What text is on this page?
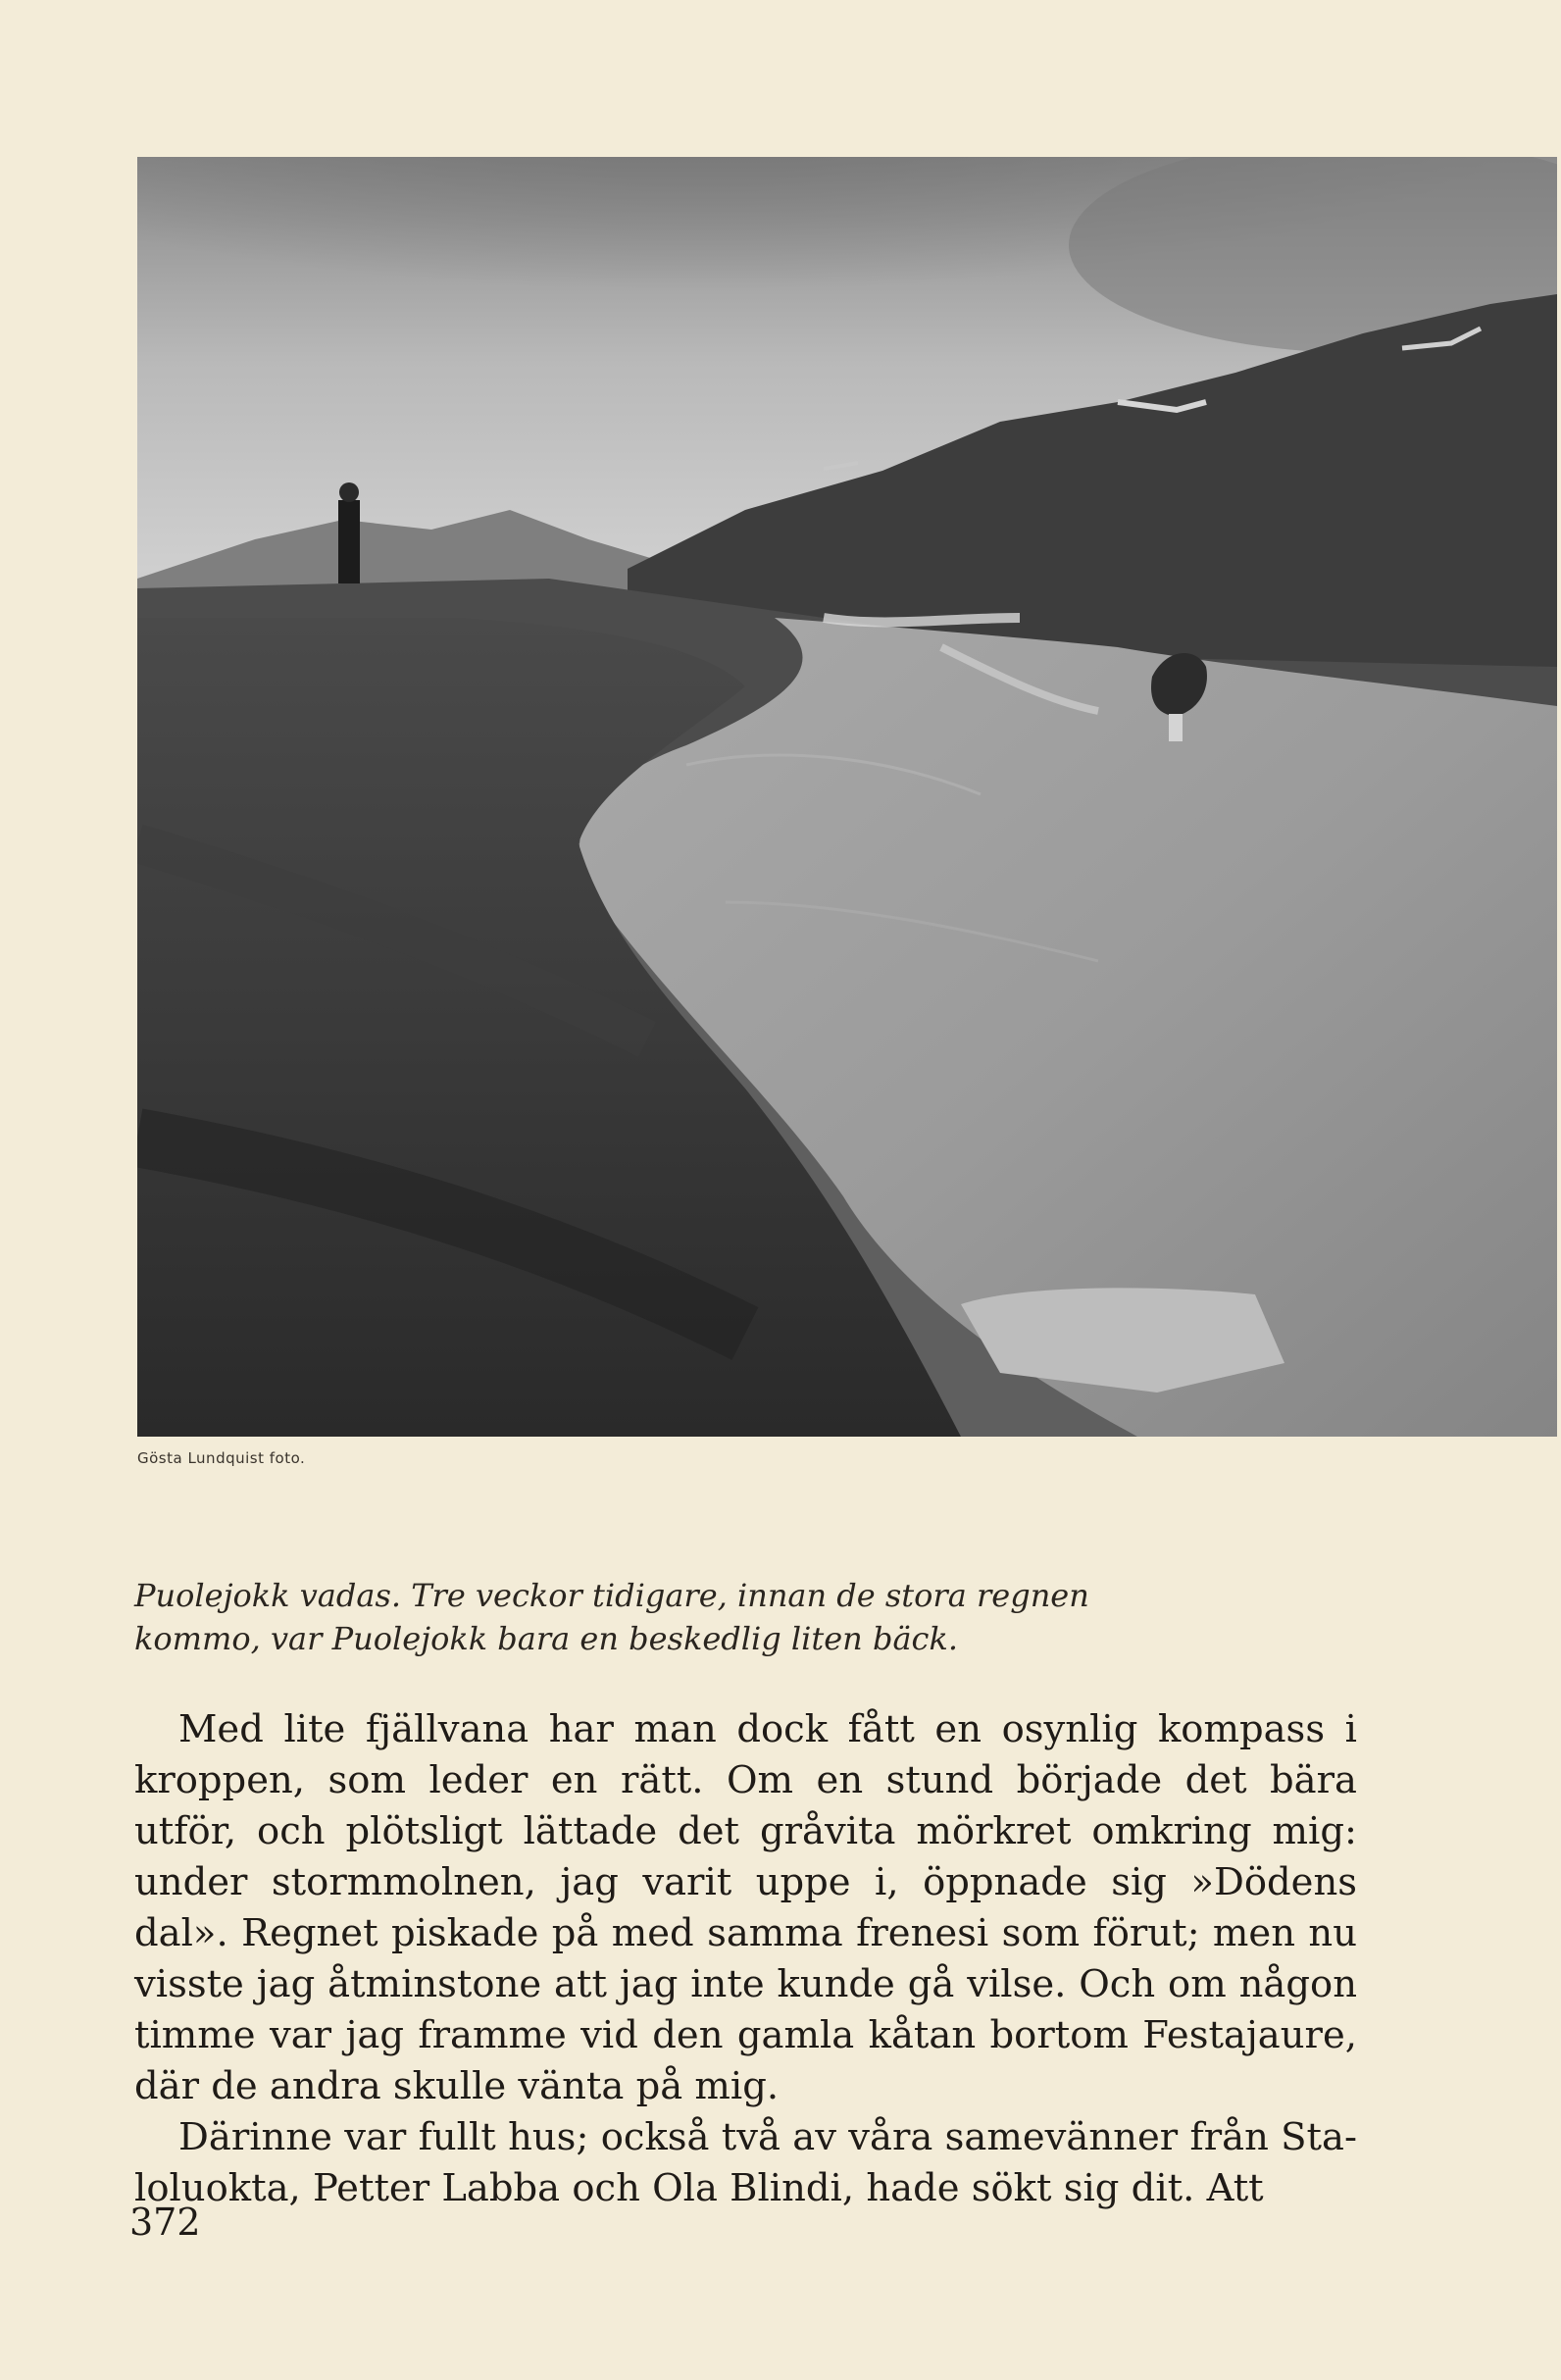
Gösta Lundquist foto.

Puolejokk vadas. Tre veckor tidigare, innan de stora regnen
kommo, var Puolejokk bara en beskedlig liten bäck.

Med lite fjällvana har man dock fått en osynlig kompass i kroppen, som leder en rätt. Om en stund började det bära utför, och plötsligt lättade det gråvita mörkret omkring mig: under stormmolnen, jag varit uppe i, öppnade sig »Dödens dal». Regnet piskade på med samma frenesi som förut; men nu visste jag åtminstone att jag inte kunde gå vilse. Och om någon timme var jag framme vid den gamla kåtan bortom Festajaure, där de andra skulle vänta på mig.

Därinne var fullt hus; också två av våra samevänner från Staloluokta, Petter Labba och Ola Blindi, hade sökt sig dit. Att

372
